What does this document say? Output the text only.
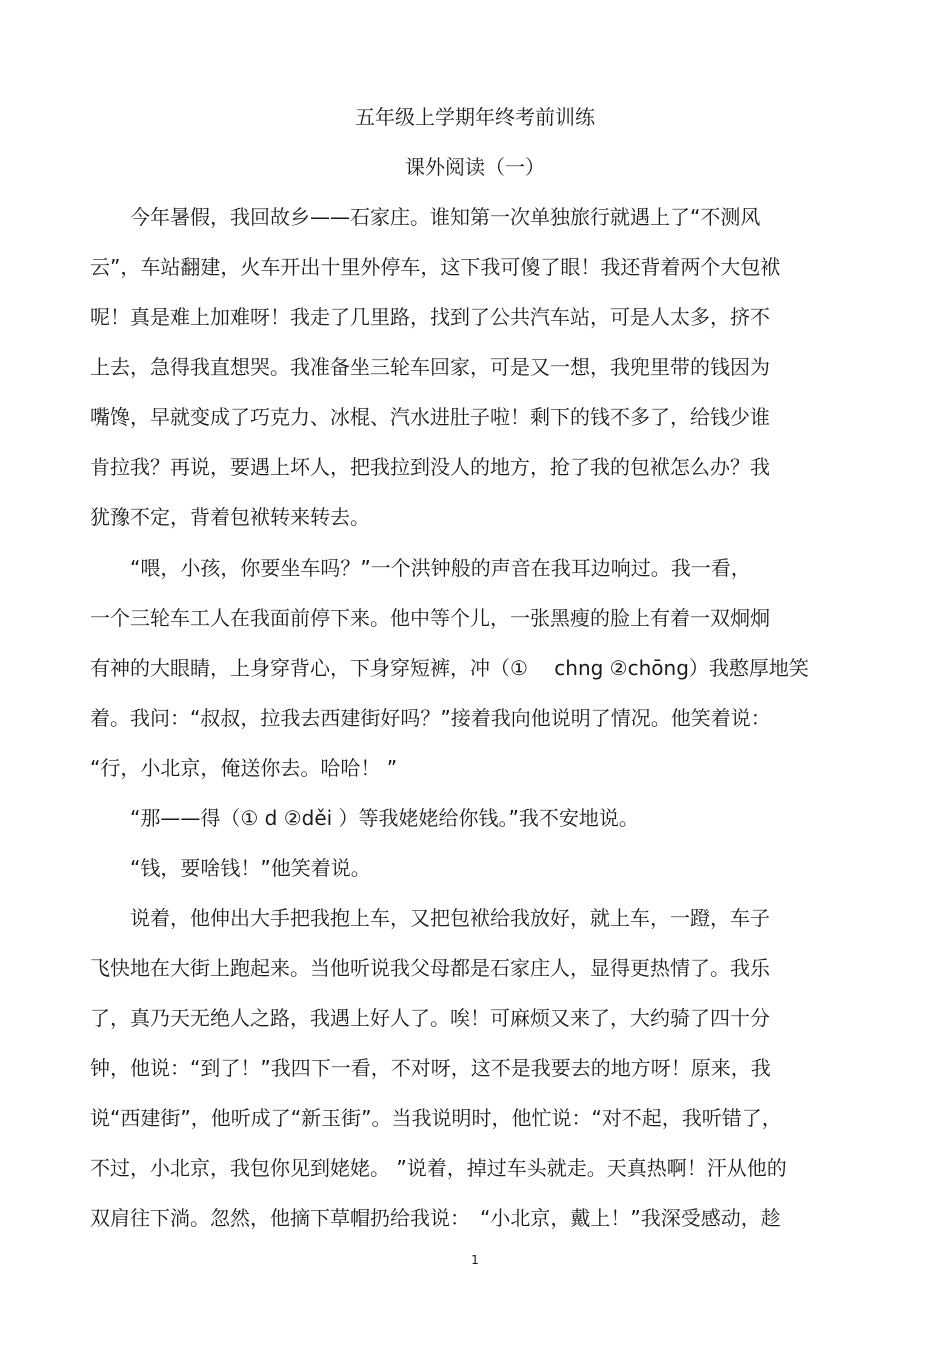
五年级上学期年终考前训练
课外阅读（一）
　　今年暑假，我回故乡——石家庄。谁知第一次单独旅行就遇上了“不测风
云”，车站翻建，火车开出十里外停车，这下我可傻了眼！我还背着两个大包袱
呢！真是难上加难呀！我走了几里路，找到了公共汽车站，可是人太多，挤不
上去，急得我直想哭。我准备坐三轮车回家，可是又一想，我兜里带的钱因为
嘴馋，早就变成了巧克力、冰棍、汽水进肚子啦！剩下的钱不多了，给钱少谁
肯拉我？再说，要遇上坏人，把我拉到没人的地方，抢了我的包袱怎么办？我
犹豫不定，背着包袱转来转去。
　　“喂，小孩，你要坐车吗？”一个洪钟般的声音在我耳边响过。我一看，
一个三轮车工人在我面前停下来。他中等个儿，一张黑瘦的脸上有着一双炯炯
有神的大眼睛，上身穿背心，下身穿短裤，冲（①　 chng ②chōng）我憨厚地笑
着。我问：“叔叔，拉我去西建街好吗？”接着我向他说明了情况。他笑着说：
“行，小北京，俺送你去。哈哈！ ”
　　“那——得（① d ②děi ）等我姥姥给你钱。”我不安地说。
　　“钱，要啥钱！”他笑着说。
　　说着，他伸出大手把我抱上车，又把包袱给我放好，就上车，一蹬，车子
飞快地在大街上跑起来。当他听说我父母都是石家庄人，显得更热情了。我乐
了，真乃天无绝人之路，我遇上好人了。唉！可麻烦又来了，大约骑了四十分
钟，他说：“到了！”我四下一看，不对呀，这不是我要去的地方呀！原来，我
说“西建街”，他听成了“新玉街”。当我说明时，他忙说：“对不起，我听错了，
不过，小北京，我包你见到姥姥。 ”说着，掉过车头就走。天真热啊！汗从他的
双肩往下淌。忽然，他摘下草帽扔给我说：　“小北京，戴上！”我深受感动，趁
1
